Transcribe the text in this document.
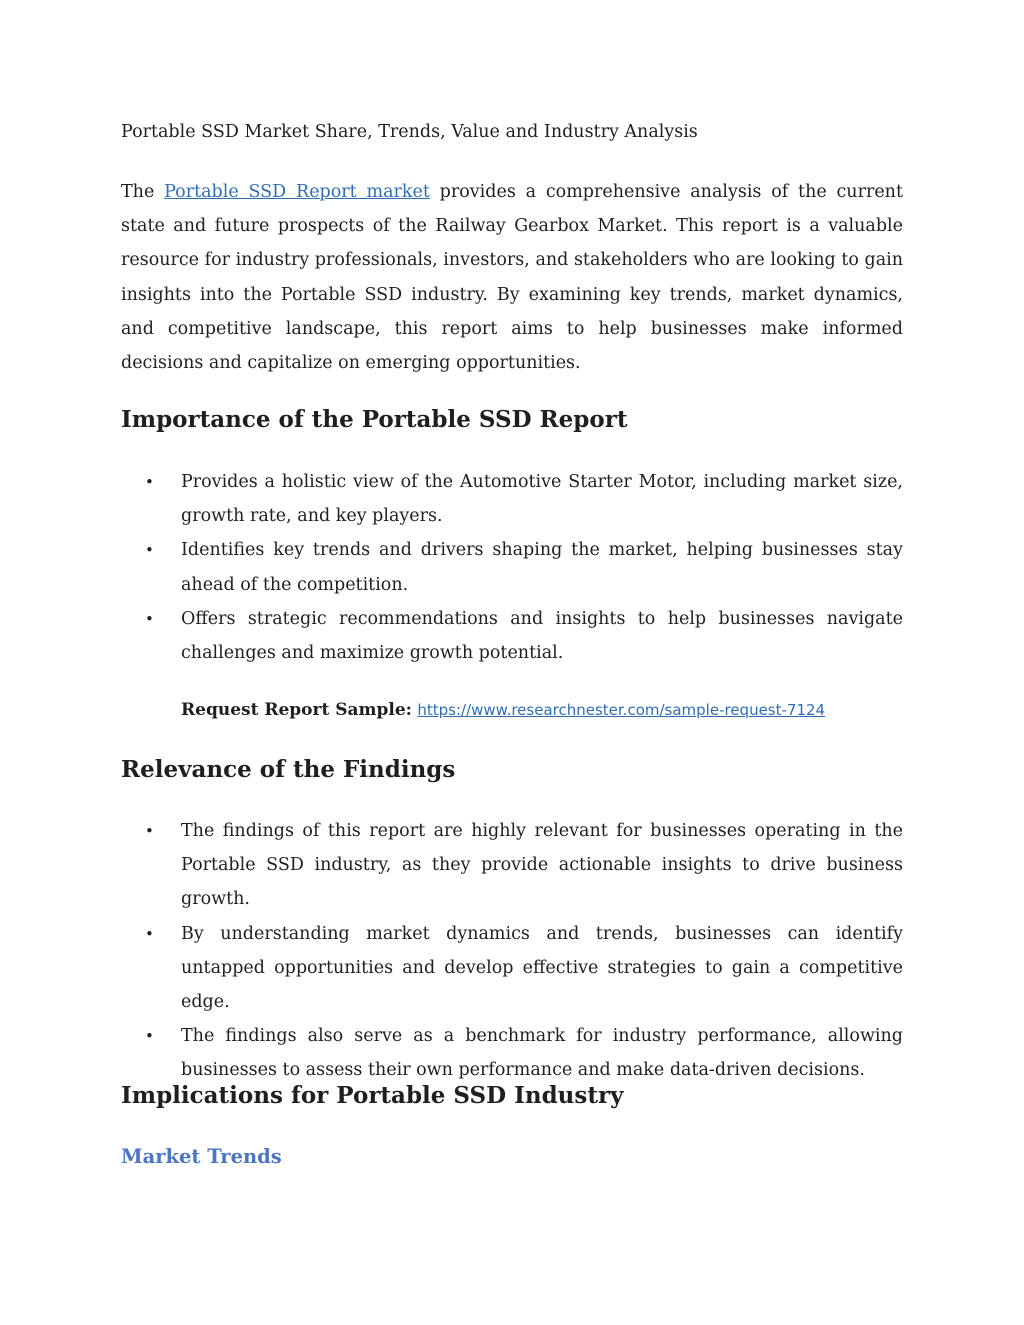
Portable SSD Market Share, Trends, Value and Industry Analysis

The Portable SSD Report market provides a comprehensive analysis of the current state and future prospects of the Railway Gearbox Market. This report is a valuable resource for industry professionals, investors, and stakeholders who are looking to gain insights into the Portable SSD industry. By examining key trends, market dynamics, and competitive landscape, this report aims to help businesses make informed decisions and capitalize on emerging opportunities.

Importance of the Portable SSD Report
• Provides a holistic view of the Automotive Starter Motor, including market size, growth rate, and key players.
• Identifies key trends and drivers shaping the market, helping businesses stay ahead of the competition.
• Offers strategic recommendations and insights to help businesses navigate challenges and maximize growth potential.
Request Report Sample: https://www.researchnester.com/sample-request-7124
Relevance of the Findings
• The findings of this report are highly relevant for businesses operating in the Portable SSD industry, as they provide actionable insights to drive business growth.
• By understanding market dynamics and trends, businesses can identify untapped opportunities and develop effective strategies to gain a competitive edge.
• The findings also serve as a benchmark for industry performance, allowing businesses to assess their own performance and make data-driven decisions.
Implications for Portable SSD Industry
Market Trends
